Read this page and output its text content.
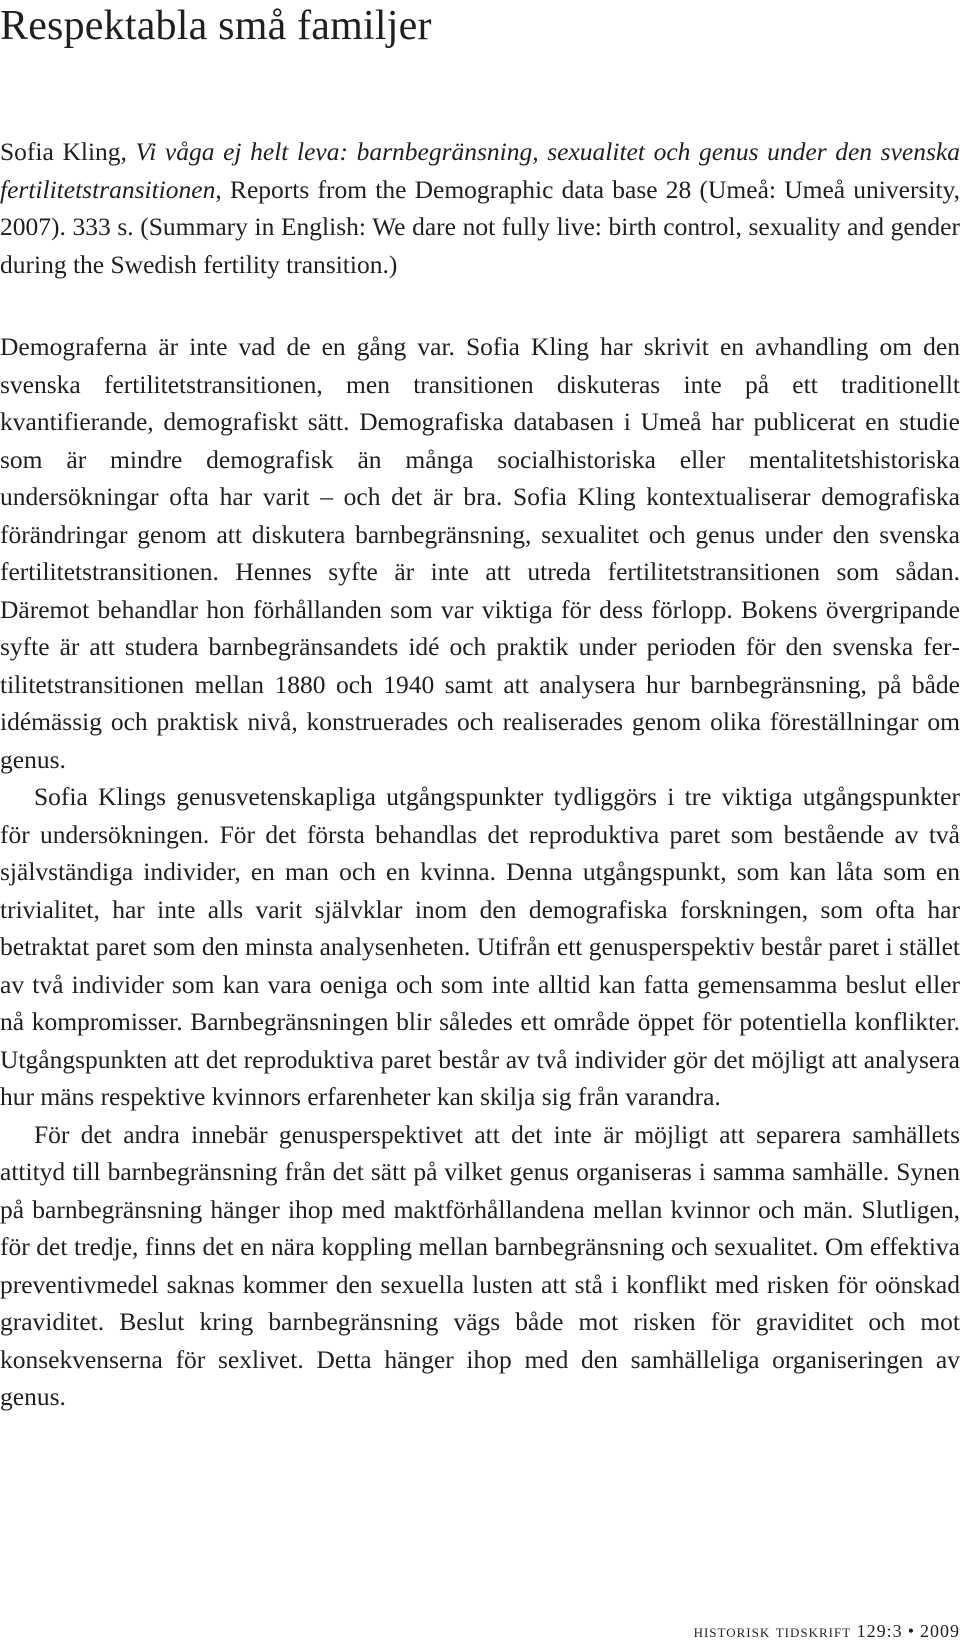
Respektabla små familjer

Sofia Kling, Vi våga ej helt leva: barnbegränsning, sexualitet och genus under den svenska fertilitetstransitionen, Reports from the Demographic data base 28 (Umeå: Umeå university, 2007). 333 s. (Summary in English: We dare not fully live: birth control, sexuality and gender during the Swedish fertility transition.)

Demograferna är inte vad de en gång var. Sofia Kling har skrivit en avhandling om den svenska fertilitetstransitionen, men transitionen diskuteras inte på ett traditionellt kvantifierande, demografiskt sätt. Demografiska databasen i Umeå har publicerat en studie som är mindre demografisk än många socialhistoriska eller mentalitetshistoriska undersökningar ofta har varit – och det är bra. Sofia Kling kontextualiserar demografiska förändringar genom att diskutera barnbegränsning, sexualitet och genus under den svenska fertilitetstransitionen. Hennes syfte är inte att utreda fertilitetstransitionen som sådan. Däremot behandlar hon förhållanden som var viktiga för dess förlopp. Bokens övergripande syfte är att studera barnbegränsandets idé och praktik under perioden för den svenska fertilitetstransitionen mellan 1880 och 1940 samt att analysera hur barnbegränsning, på både idémässig och praktisk nivå, konstruerades och realiserades genom olika föreställningar om genus.

Sofia Klings genusvetenskapliga utgångspunkter tydliggörs i tre viktiga utgångspunkter för undersökningen. För det första behandlas det reproduktiva paret som bestående av två självständiga individer, en man och en kvinna. Denna utgångspunkt, som kan låta som en trivialitet, har inte alls varit självklar inom den demografiska forskningen, som ofta har betraktat paret som den minsta analysenheten. Utifrån ett genusperspektiv består paret i stället av två individer som kan vara oeniga och som inte alltid kan fatta gemensamma beslut eller nå kompromisser. Barnbegränsningen blir således ett område öppet för potentiella konflikter. Utgångspunkten att det reproduktiva paret består av två individer gör det möjligt att analysera hur mäns respektive kvinnors erfarenheter kan skilja sig från varandra.

För det andra innebär genusperspektivet att det inte är möjligt att separera samhällets attityd till barnbegränsning från det sätt på vilket genus organiseras i samma samhälle. Synen på barnbegränsning hänger ihop med maktförhållandena mellan kvinnor och män. Slutligen, för det tredje, finns det en nära koppling mellan barnbegränsning och sexualitet. Om effektiva preventivmedel saknas kommer den sexuella lusten att stå i konflikt med risken för oönskad graviditet. Beslut kring barnbegränsning vägs både mot risken för graviditet och mot konsekvenserna för sexlivet. Detta hänger ihop med den samhälleliga organiseringen av genus.

historisk tidskrift 129:3 • 2009
